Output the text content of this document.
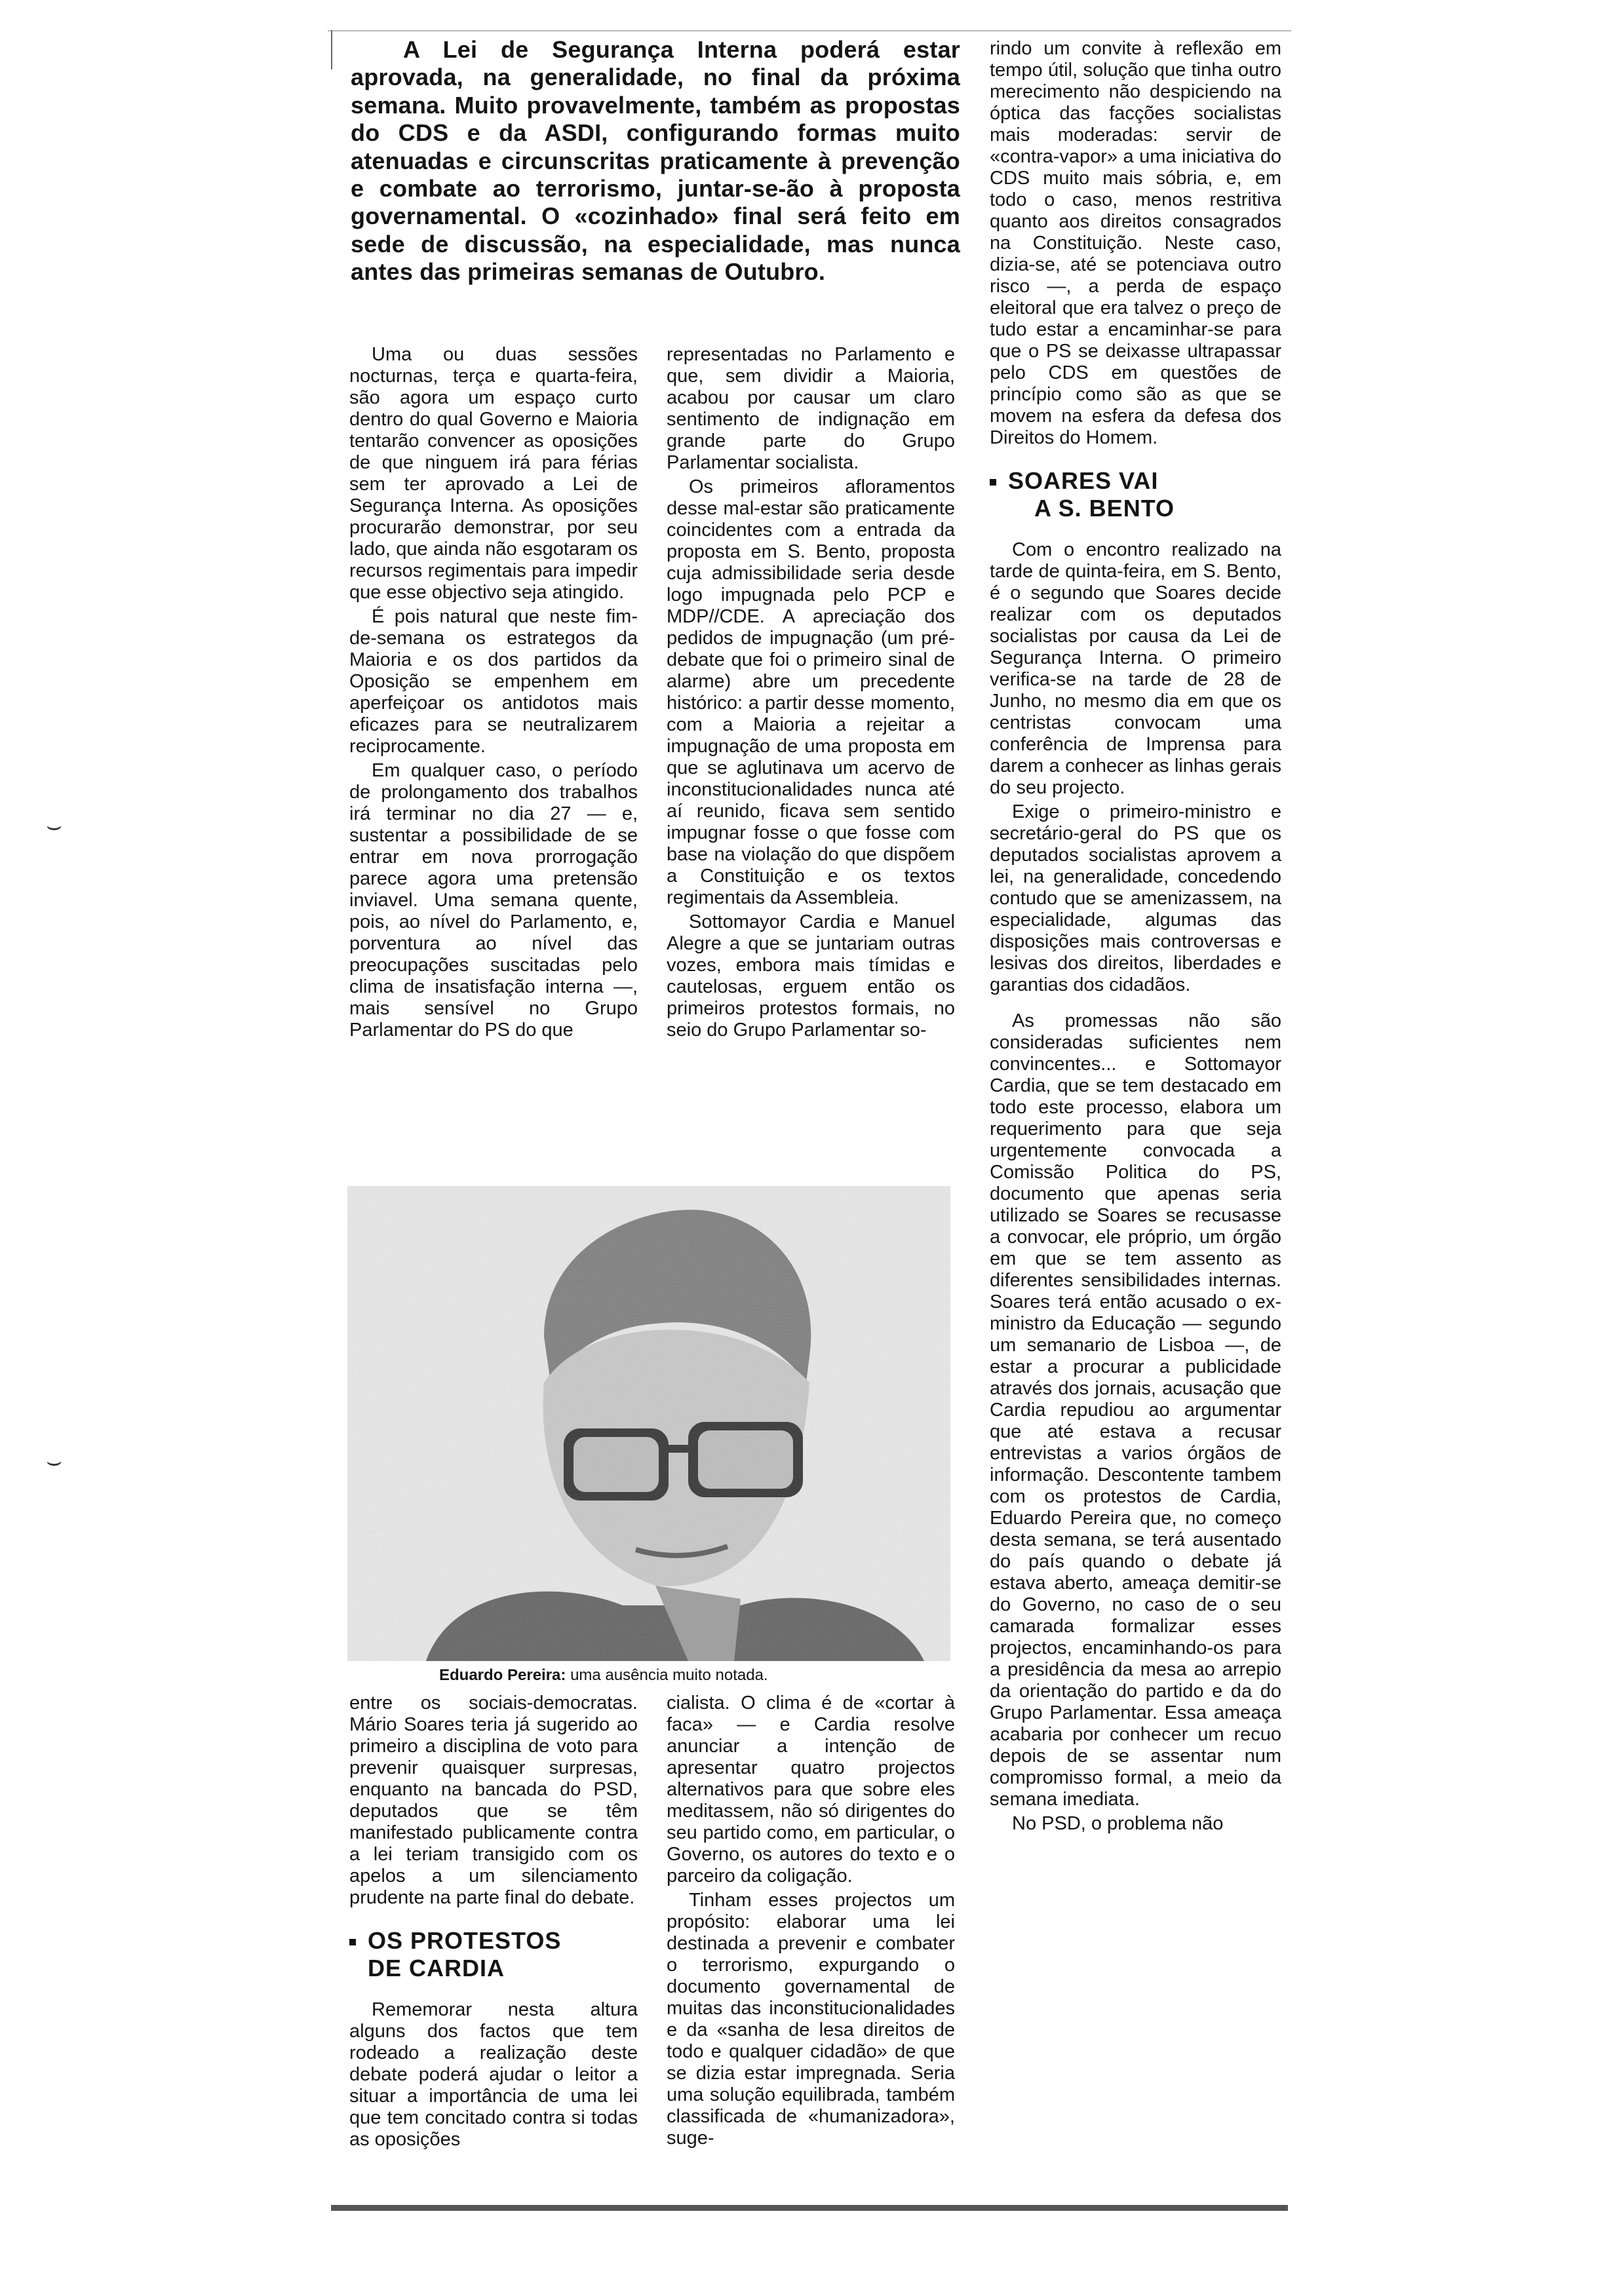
⌣
⌣
A Lei de Segurança Interna poderá estar aprovada, na generalidade, no final da próxima semana. Muito provavelmente, também as propostas do CDS e da ASDI, configurando formas muito atenuadas e circunscritas praticamente à prevenção e combate ao terrorismo, juntar-se-ão à proposta governamental. O «cozinhado» final será feito em sede de discussão, na especialidade, mas nunca antes das primeiras semanas de Outubro.

Uma ou duas sessões nocturnas, terça e quarta-feira, são agora um espaço curto dentro do qual Governo e Maioria tentarão convencer as oposições de que ninguem irá para férias sem ter aprovado a Lei de Segurança Interna. As oposições procurarão demonstrar, por seu lado, que ainda não esgotaram os recursos regimentais para impedir que esse objectivo seja atingido.

É pois natural que neste fim-de-semana os estrategos da Maioria e os dos partidos da Oposição se empenhem em aperfeiçoar os antidotos mais eficazes para se neutralizarem reciprocamente.

Em qualquer caso, o período de prolongamento dos trabalhos irá terminar no dia 27 — e, sustentar a possibilidade de se entrar em nova prorrogação parece agora uma pretensão inviavel. Uma semana quente, pois, ao nível do Parlamento, e, porventura ao nível das preocupações suscitadas pelo clima de insatisfação interna —, mais sensível no Grupo Parlamentar do PS do que

representadas no Parlamento e que, sem dividir a Maioria, acabou por causar um claro sentimento de indignação em grande parte do Grupo Parlamentar socialista.

Os primeiros afloramentos desse mal-estar são praticamente coincidentes com a entrada da proposta em S. Bento, proposta cuja admissibilidade seria desde logo impugnada pelo PCP e MDP//CDE. A apreciação dos pedidos de impugnação (um pré-debate que foi o primeiro sinal de alarme) abre um precedente histórico: a partir desse momento, com a Maioria a rejeitar a impugnação de uma proposta em que se aglutinava um acervo de inconstitucionalidades nunca até aí reunido, ficava sem sentido impugnar fosse o que fosse com base na violação do que dispõem a Constituição e os textos regimentais da Assembleia.

Sottomayor Cardia e Manuel Alegre a que se juntariam outras vozes, embora mais tímidas e cautelosas, erguem então os primeiros protestos formais, no seio do Grupo Parlamentar so-

rindo um convite à reflexão em tempo útil, solução que tinha outro merecimento não despiciendo na óptica das facções socialistas mais moderadas: servir de «contra-vapor» a uma iniciativa do CDS muito mais sóbria, e, em todo o caso, menos restritiva quanto aos direitos consagrados na Constituição. Neste caso, dizia-se, até se potenciava outro risco —, a perda de espaço eleitoral que era talvez o preço de tudo estar a encaminhar-se para que o PS se deixasse ultrapassar pelo CDS em questões de princípio como são as que se movem na esfera da defesa dos Direitos do Homem.

SOARES VAI
A S. BENTO

Com o encontro realizado na tarde de quinta-feira, em S. Bento, é o segundo que Soares decide realizar com os deputados socialistas por causa da Lei de Segurança Interna. O primeiro verifica-se na tarde de 28 de Junho, no mesmo dia em que os centristas convocam uma conferência de Imprensa para darem a conhecer as linhas gerais do seu projecto.

Exige o primeiro-ministro e secretário-geral do PS que os deputados socialistas aprovem a lei, na generalidade, concedendo contudo que se amenizassem, na especialidade, algumas das disposições mais controversas e lesivas dos direitos, liberdades e garantias dos cidadãos.

As promessas não são consideradas suficientes nem convincentes... e Sottomayor Cardia, que se tem destacado em todo este processo, elabora um requerimento para que seja urgentemente convocada a Comissão Politica do PS, documento que apenas seria utilizado se Soares se recusasse a convocar, ele próprio, um órgão em que se tem assento as diferentes sensibilidades internas. Soares terá então acusado o ex-ministro da Educação — segundo um semanario de Lisboa —, de estar a procurar a publicidade através dos jornais, acusação que Cardia repudiou ao argumentar que até estava a recusar entrevistas a varios órgãos de informação. Descontente tambem com os protestos de Cardia, Eduardo Pereira que, no começo desta semana, se terá ausentado do país quando o debate já estava aberto, ameaça demitir-se do Governo, no caso de o seu camarada formalizar esses projectos, encaminhando-os para a presidência da mesa ao arrepio da orientação do partido e da do Grupo Parlamentar. Essa ameaça acabaria por conhecer um recuo depois de se assentar num compromisso formal, a meio da semana imediata.

No PSD, o problema não

Eduardo Pereira: uma ausência muito notada.

entre os sociais-democratas. Mário Soares teria já sugerido ao primeiro a disciplina de voto para prevenir quaisquer surpresas, enquanto na bancada do PSD, deputados que se têm manifestado publicamente contra a lei teriam transigido com os apelos a um silenciamento prudente na parte final do debate.

OS PROTESTOS
DE CARDIA

Rememorar nesta altura alguns dos factos que tem rodeado a realização deste debate poderá ajudar o leitor a situar a importância de uma lei que tem concitado contra si todas as oposições

cialista. O clima é de «cortar à faca» — e Cardia resolve anunciar a intenção de apresentar quatro projectos alternativos para que sobre eles meditassem, não só dirigentes do seu partido como, em particular, o Governo, os autores do texto e o parceiro da coligação.

Tinham esses projectos um propósito: elaborar uma lei destinada a prevenir e combater o terrorismo, expurgando o documento governamental de muitas das inconstitucionalidades e da «sanha de lesa direitos de todo e qualquer cidadão» de que se dizia estar impregnada. Seria uma solução equilibrada, também classificada de «humanizadora», suge-
